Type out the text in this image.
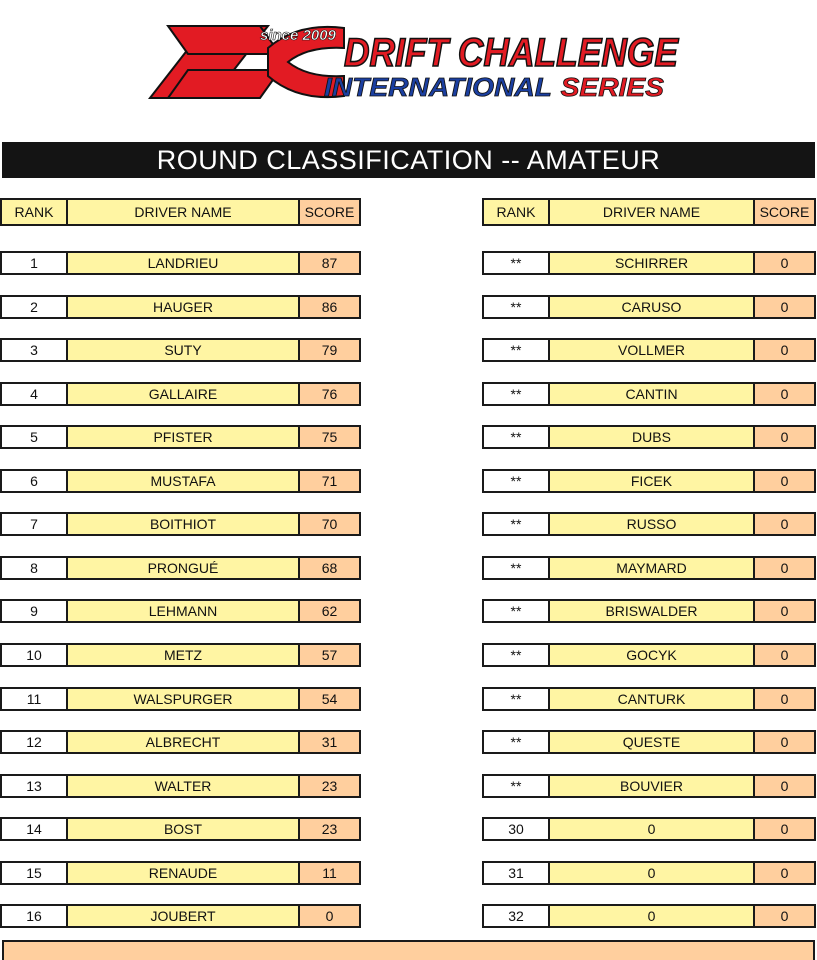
since 2009 DRIFT CHALLENGE
INTERN ATIONAL SERIES
ROUND CLASSIFICATION -- AMATEUR
RANK	DRIVER NAME	SCORE	RANK	DRIVER NAME	SCORE
1	LANDRIEU	87
2	HAUGER	86
3	SUTY	79
4	GALLAIRE	76
5	PFISTER	75
6	MUSTAFA	71
7	BOITHIOT	70
8	PRONGUÉ	68
9	LEHMANN	62
10	METZ	57
11	WALSPURGER	54
12	ALBRECHT	31
13	WALTER	23
14	BOST	23
15	RENAUDE	11
16	JOUBERT	0
**	SCHIRRER	0
**	CARUSO	0
**	VOLLMER	0
**	CANTIN	0
**	DUBS	0
**	FICEK	0
**	RUSSO	0
**	MAYMARD	0
**	BRISWALDER	0
**	GOCYK	0
**	CANTURK	0
**	QUESTE	0
**	BOUVIER	0
30	0	0
31	0	0
32	0	0
